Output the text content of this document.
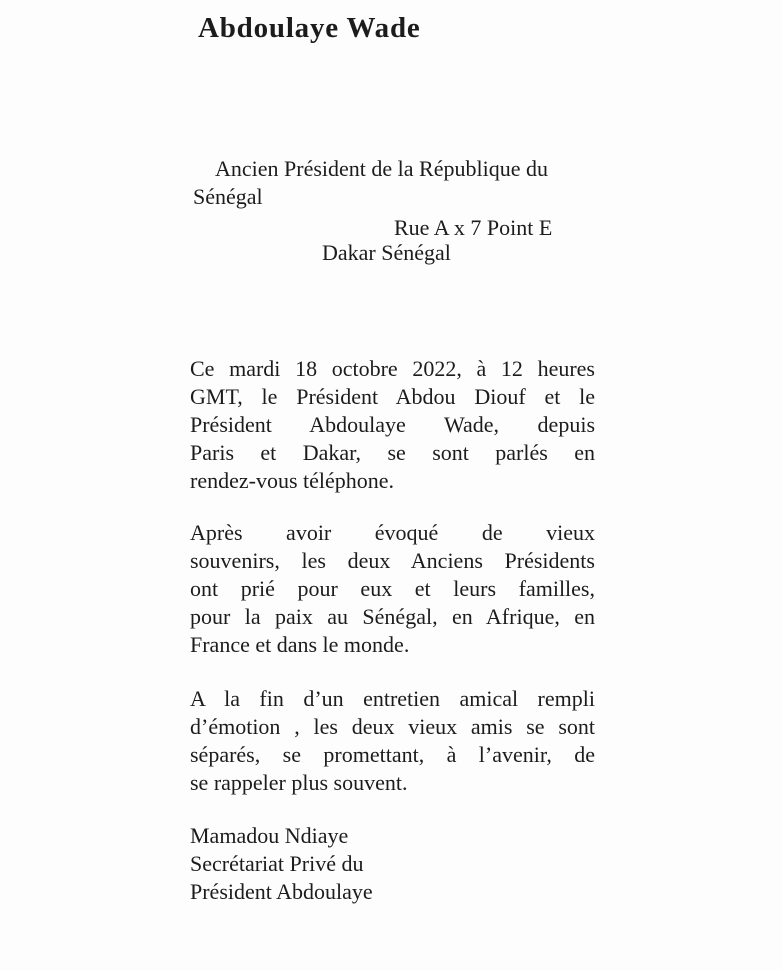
Abdoulaye Wade
Ancien Président de la République du
Sénégal
Rue A x 7 Point E
Dakar Sénégal
Ce mardi 18 octobre 2022, à 12 heures
GMT, le Président Abdou Diouf et le
Président Abdoulaye Wade, depuis
Paris et Dakar, se sont parlés en
rendez-vous téléphone.
Après avoir évoqué de vieux
souvenirs, les deux Anciens Présidents
ont prié pour eux et leurs familles,
pour la paix au Sénégal, en Afrique, en
France et dans le monde.
A la fin d’un entretien amical rempli
d’émotion , les deux vieux amis se sont
séparés, se promettant, à l’avenir, de
se rappeler plus souvent.
Mamadou Ndiaye
Secrétariat Privé du
Président Abdoulaye
